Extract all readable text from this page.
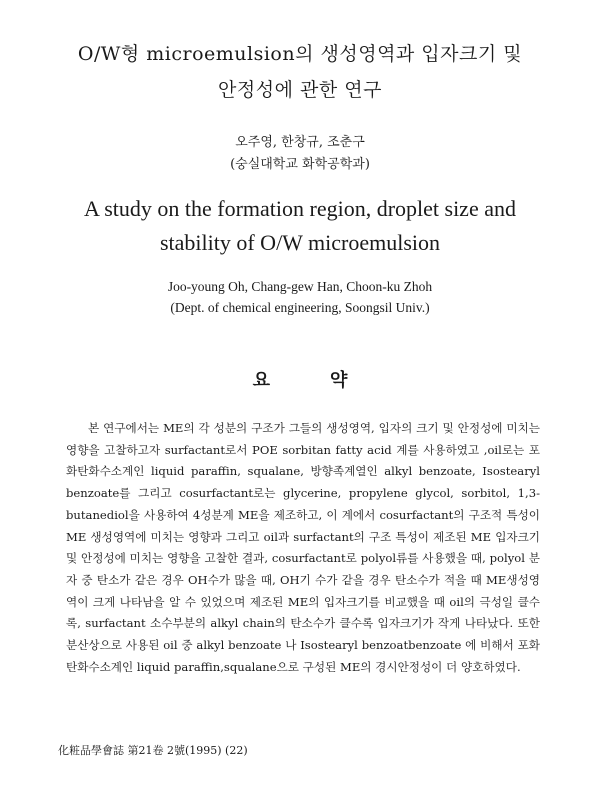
O/W형 microemulsion의 생성영역과 입자크기 및
안정성에 관한 연구
오주영, 한창규, 조춘구
(숭실대학교 화학공학과)
A study on the formation region, droplet size and
stability of O/W microemulsion
Joo-young Oh, Chang-gew Han, Choon-ku Zhoh
(Dept. of chemical engineering, Soongsil Univ.)
요약

본 연구에서는 ME의 각 성분의 구조가 그들의 생성영역, 입자의 크기 및 안정성에 미치는 영향을 고찰하고자 surfactant로서 POE sorbitan fatty acid 계를 사용하였고 ,oil로는 포화탄화수소계인 liquid paraffin, squalane, 방향족계열인 alkyl benzoate, Isostearyl benzoate를 그리고 cosurfactant로는 glycerine, propylene glycol, sorbitol, 1,3-butanediol을 사용하여 4성분계 ME을 제조하고, 이 계에서 cosurfactant의 구조적 특성이 ME 생성영역에 미치는 영향과 그리고 oil과 surfactant의 구조 특성이 제조된 ME 입자크기 및 안정성에 미치는 영향을 고찰한 결과, cosurfactant로 polyol류를 사용했을 때, polyol 분자 중 탄소가 같은 경우 OH수가 많을 때, OH기 수가 같을 경우 탄소수가 적을 때 ME생성영역이 크게 나타남을 알 수 있었으며 제조된 ME의 입자크기를 비교했을 때 oil의 극성일 클수록, surfactant 소수부분의 alkyl chain의 탄소수가 클수록 입자크기가 작게 나타났다. 또한 분산상으로 사용된 oil 중 alkyl benzoate 나 Isostearyl benzoatbenzoate 에 비해서 포화탄화수소계인 liquid paraffin,squalane으로 구성된 ME의 경시안정성이 더 양호하였다.

化粧品學會誌 第21卷 2號(1995) (22)
